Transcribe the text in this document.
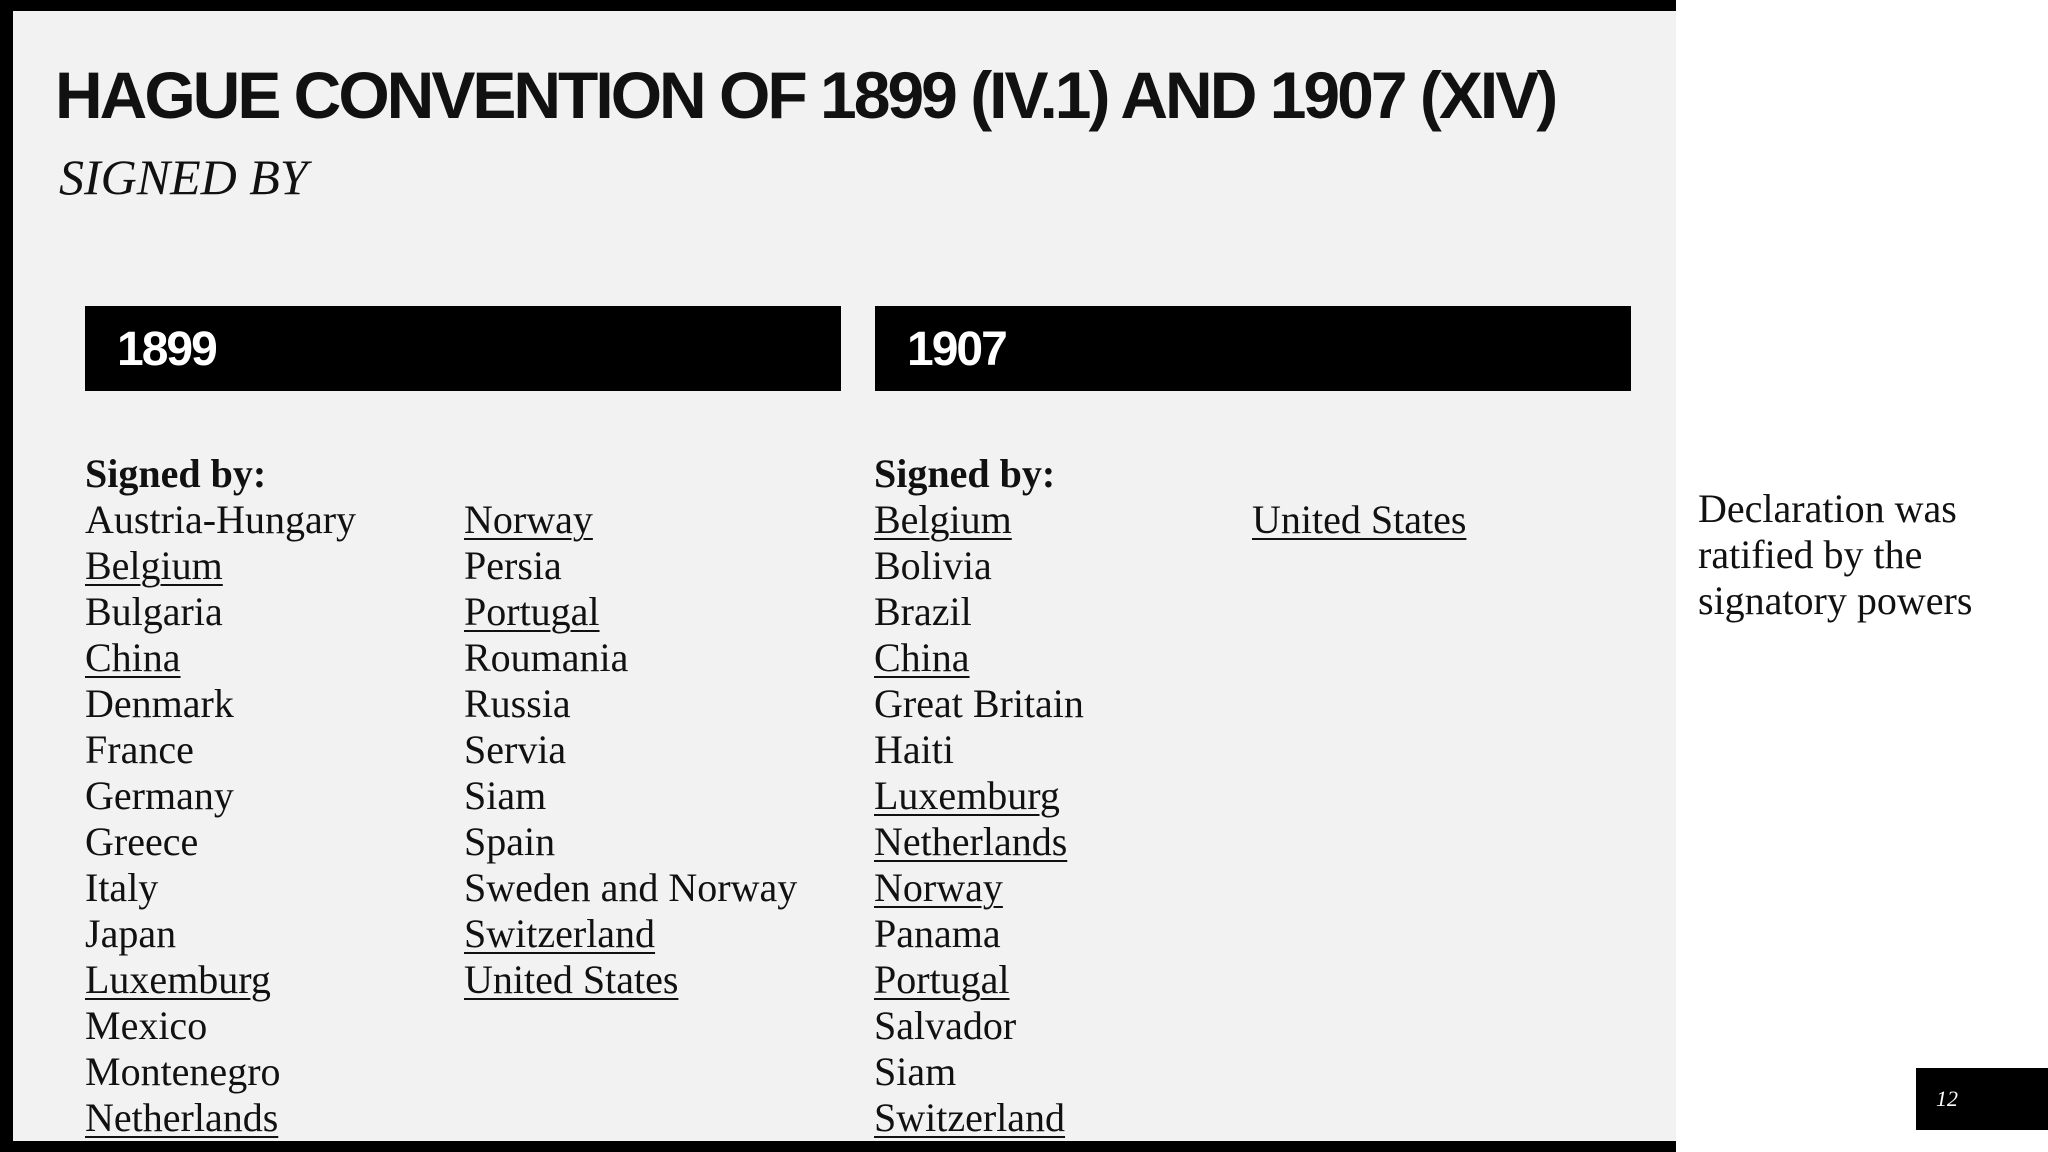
HAGUE CONVENTION OF 1899 (IV.1) AND 1907 (XIV)
SIGNED BY
1899	1907
Signed by:
Austria-Hungary
Belgium
Bulgaria
China
Denmark
France
Germany
Greece
Italy
Japan
Luxemburg
Mexico
Montenegro
Netherlands
Norway
Persia
Portugal
Roumania
Russia
Servia
Siam
Spain
Sweden and Norway
Switzerland
United States
Signed by:
Belgium
Bolivia
Brazil
China
Great Britain
Haiti
Luxemburg
Netherlands
Norway
Panama
Portugal
Salvador
Siam
Switzerland
United States	Declaration was ratified by the signatory powers
12
